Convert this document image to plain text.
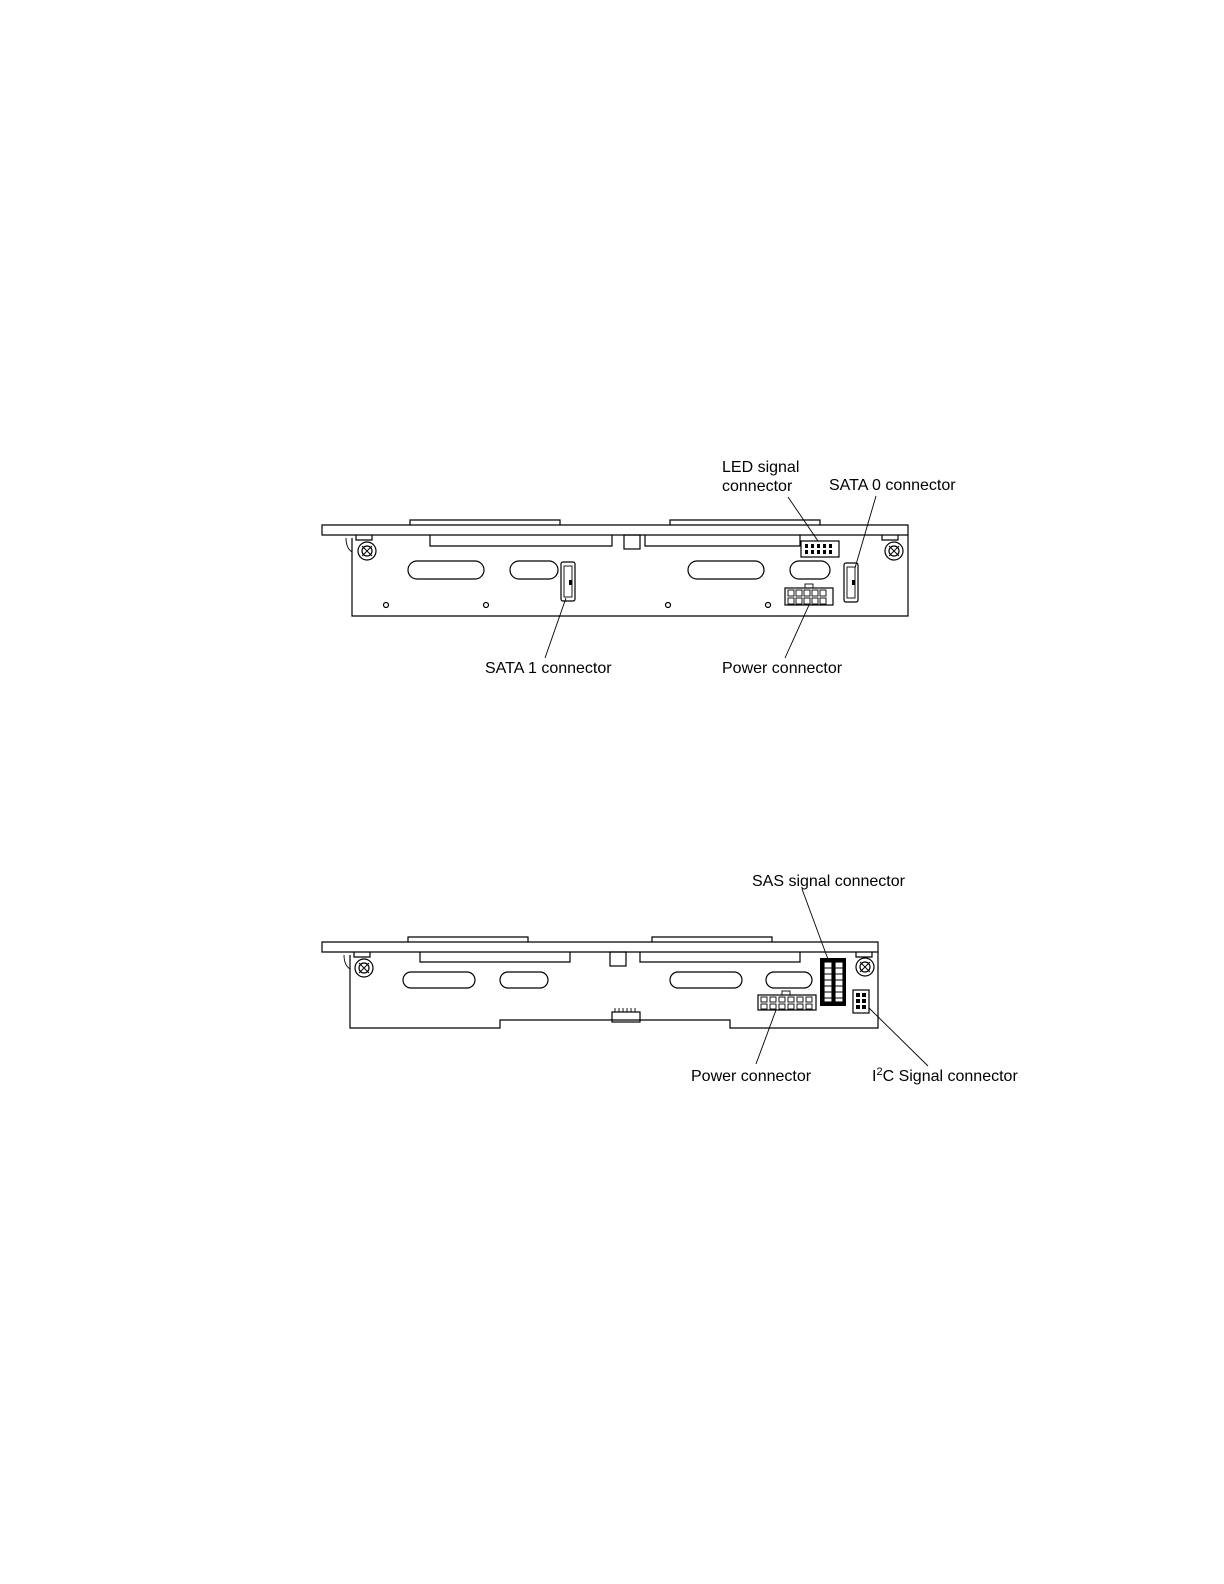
LED signal
connector SATA 0 connector
SATA 1 connector	Power connector
SAS signal connector
Power connector	$I^2C$ Signal connector
